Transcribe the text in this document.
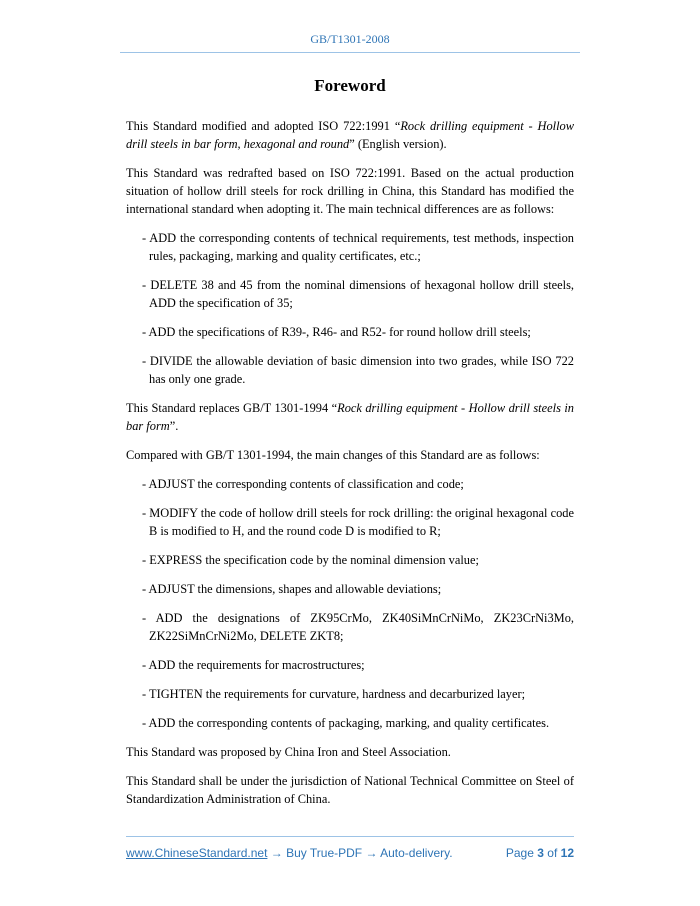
GB/T1301-2008
Foreword

This Standard modified and adopted ISO 722:1991 “Rock drilling equipment - Hollow drill steels in bar form, hexagonal and round” (English version).

This Standard was redrafted based on ISO 722:1991. Based on the actual production situation of hollow drill steels for rock drilling in China, this Standard has modified the international standard when adopting it. The main technical differences are as follows:

- ADD the corresponding contents of technical requirements, test methods, inspection rules, packaging, marking and quality certificates, etc.;

- DELETE 38 and 45 from the nominal dimensions of hexagonal hollow drill steels, ADD the specification of 35;

- ADD the specifications of R39-, R46- and R52- for round hollow drill steels;

- DIVIDE the allowable deviation of basic dimension into two grades, while ISO 722 has only one grade.

This Standard replaces GB/T 1301-1994 “Rock drilling equipment - Hollow drill steels in bar form”.

Compared with GB/T 1301-1994, the main changes of this Standard are as follows:

- ADJUST the corresponding contents of classification and code;

- MODIFY the code of hollow drill steels for rock drilling: the original hexagonal code B is modified to H, and the round code D is modified to R;

- EXPRESS the specification code by the nominal dimension value;

- ADJUST the dimensions, shapes and allowable deviations;

- ADD the designations of ZK95CrMo, ZK40SiMnCrNiMo, ZK23CrNi3Mo, ZK22SiMnCrNi2Mo, DELETE ZKT8;

- ADD the requirements for macrostructures;

- TIGHTEN the requirements for curvature, hardness and decarburized layer;

- ADD the corresponding contents of packaging, marking, and quality certificates.

This Standard was proposed by China Iron and Steel Association.

This Standard shall be under the jurisdiction of National Technical Committee on Steel of Standardization Administration of China.

www.ChineseStandard.net → Buy True-PDF → Auto-delivery.	Page 3 of 12
